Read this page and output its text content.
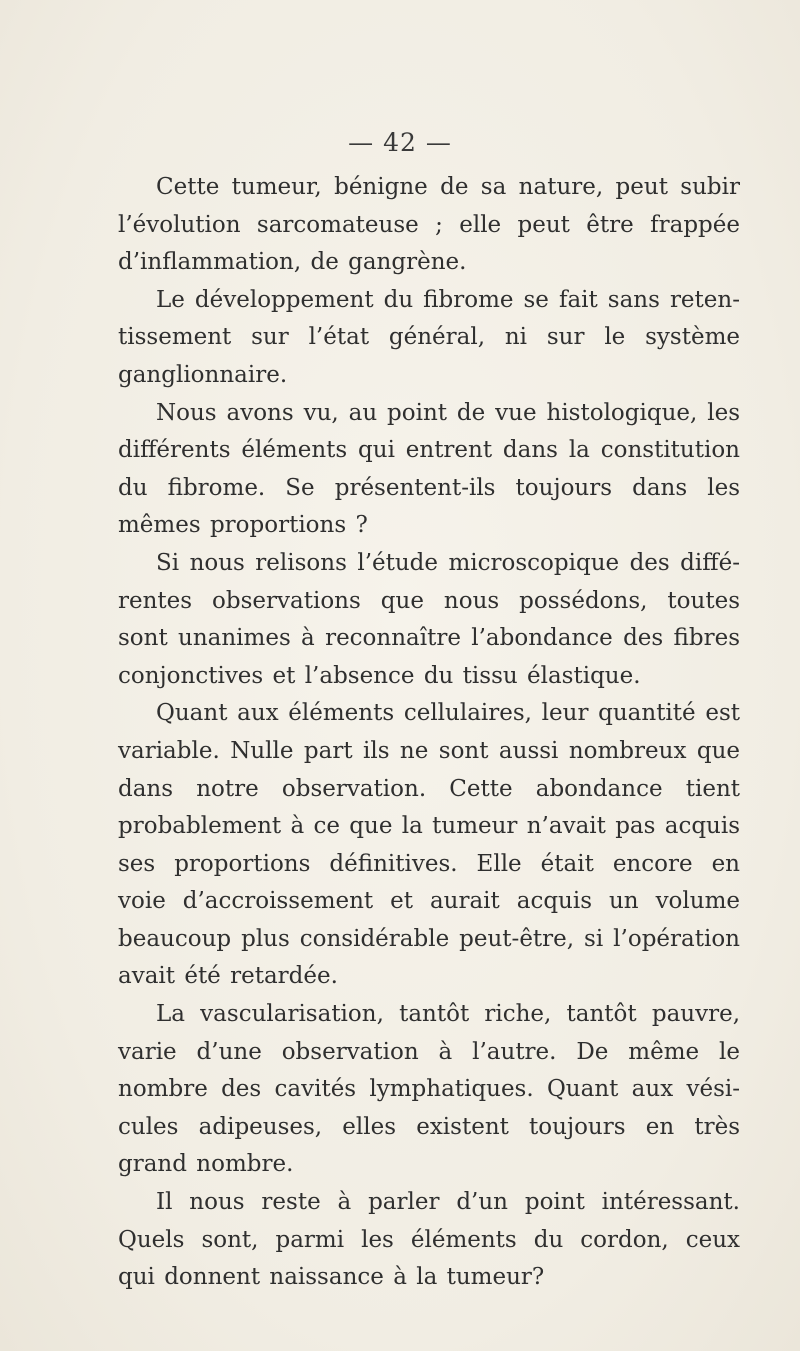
— 42 —
Cette tumeur, bénigne de sa nature, peut subir
l’évolution sarcomateuse ; elle peut être frappée
d’inflammation, de gangrène.
Le développement du fibrome se fait sans reten-
tissement sur l’état général, ni sur le système
ganglionnaire.
Nous avons vu, au point de vue histologique, les
différents éléments qui entrent dans la constitution
du fibrome. Se présentent-ils toujours dans les
mêmes proportions ?
Si nous relisons l’étude microscopique des diffé-
rentes observations que nous possédons, toutes
sont unanimes à reconnaître l’abondance des fibres
conjonctives et l’absence du tissu élastique.
Quant aux éléments cellulaires, leur quantité est
variable. Nulle part ils ne sont aussi nombreux que
dans notre observation. Cette abondance tient
probablement à ce que la tumeur n’avait pas acquis
ses proportions définitives. Elle était encore en
voie d’accroissement et aurait acquis un volume
beaucoup plus considérable peut-être, si l’opération
avait été retardée.
La vascularisation, tantôt riche, tantôt pauvre,
varie d’une observation à l’autre. De même le
nombre des cavités lymphatiques. Quant aux vési-
cules adipeuses, elles existent toujours en très
grand nombre.
Il nous reste à parler d’un point intéressant.
Quels sont, parmi les éléments du cordon, ceux
qui donnent naissance à la tumeur?
